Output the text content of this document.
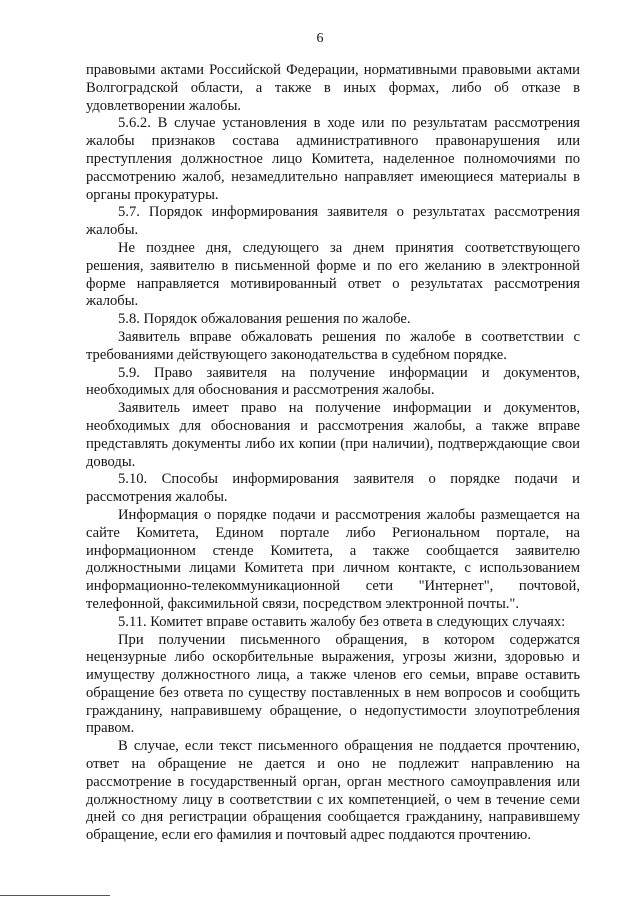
6

правовыми актами Российской Федерации, нормативными правовыми актами Волгоградской области, а также в иных формах, либо об отказе в удовлетворении жалобы.

5.6.2. В случае установления в ходе или по результатам рассмотрения жалобы признаков состава административного правонарушения или преступления должностное лицо Комитета, наделенное полномочиями по рассмотрению жалоб, незамедлительно направляет имеющиеся материалы в органы прокуратуры.

5.7. Порядок информирования заявителя о результатах рассмотрения жалобы.

Не позднее дня, следующего за днем принятия соответствующего решения, заявителю в письменной форме и по его желанию в электронной форме направляется мотивированный ответ о результатах рассмотрения жалобы.

5.8. Порядок обжалования решения по жалобе.

Заявитель вправе обжаловать решения по жалобе в соответствии с требованиями действующего законодательства в судебном порядке.

5.9. Право заявителя на получение информации и документов, необходимых для обоснования и рассмотрения жалобы.

Заявитель имеет право на получение информации и документов, необходимых для обоснования и рассмотрения жалобы, а также вправе представлять документы либо их копии (при наличии), подтверждающие свои доводы.

5.10. Способы информирования заявителя о порядке подачи и рассмотрения жалобы.

Информация о порядке подачи и рассмотрения жалобы размещается на сайте Комитета, Едином портале либо Региональном портале, на информационном стенде Комитета, а также сообщается заявителю должностными лицами Комитета при личном контакте, с использованием информационно-телекоммуникационной сети "Интернет", почтовой, телефонной, факсимильной связи, посредством электронной почты.".

5.11. Комитет вправе оставить жалобу без ответа в следующих случаях:

При получении письменного обращения, в котором содержатся нецензурные либо оскорбительные выражения, угрозы жизни, здоровью и имуществу должностного лица, а также членов его семьи, вправе оставить обращение без ответа по существу поставленных в нем вопросов и сообщить гражданину, направившему обращение, о недопустимости злоупотребления правом.

В случае, если текст письменного обращения не поддается прочтению, ответ на обращение не дается и оно не подлежит направлению на рассмотрение в государственный орган, орган местного самоуправления или должностному лицу в соответствии с их компетенцией, о чем в течение семи дней со дня регистрации обращения сообщается гражданину, направившему обращение, если его фамилия и почтовый адрес поддаются прочтению.
